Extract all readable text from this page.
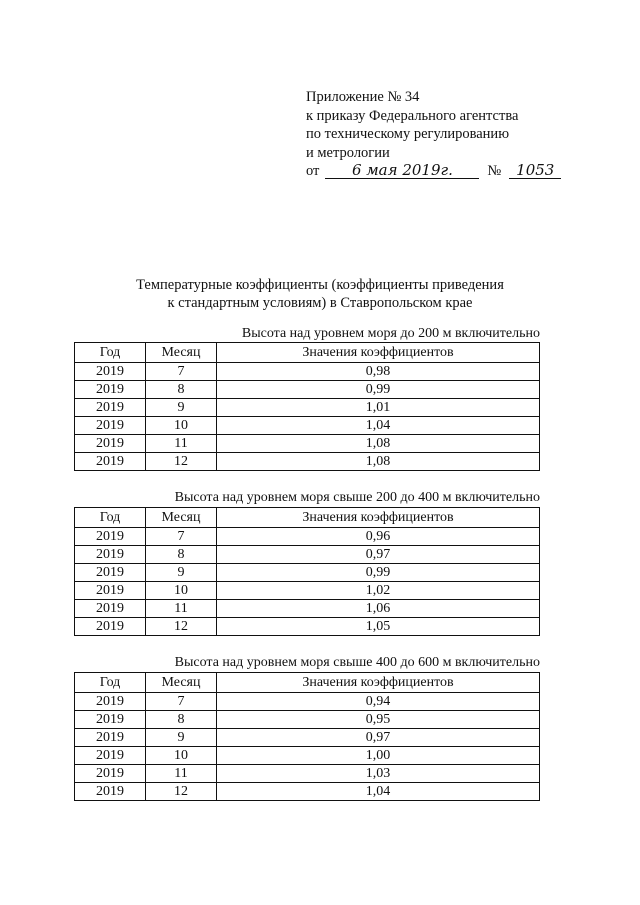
Приложение № 34
к приказу Федерального агентства
по техническому регулированию
и метрологии
от	6 мая 2019г.	№ 1053
Температурные коэффициенты (коэффициенты приведения
к стандартным условиям) в Ставропольском крае
Высота над уровнем моря до 200 м включительно
Год	Месяц	Значения коэффициентов
2019	7	0,98
2019	8	0,99
2019	9	1,01
2019	10	1,04
2019	11	1,08
2019	12	1,08
Высота над уровнем моря свыше 200 до 400 м включительно
Год	Месяц	Значения коэффициентов
2019	7	0,96
2019	8	0,97
2019	9	0,99
2019	10	1,02
2019	11	1,06
2019	12	1,05
Высота над уровнем моря свыше 400 до 600 м включительно
Год	Месяц	Значения коэффициентов
2019	7	0,94
2019	8	0,95
2019	9	0,97
2019	10	1,00
2019	11	1,03
2019	12	1,04
